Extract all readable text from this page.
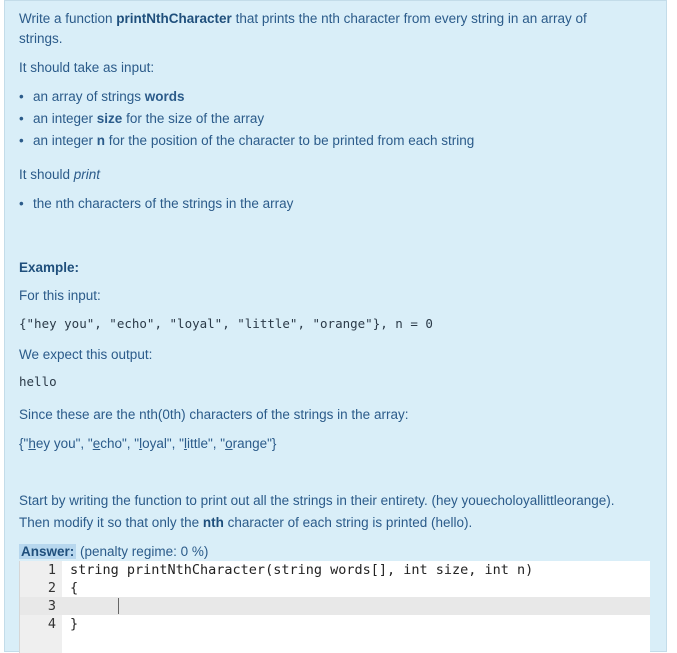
Write a function printNthCharacter that prints the nth character from every string in an array of
strings.
It should take as input:
• an array of strings words
• an integer size for the size of the array
• an integer n for the position of the character to be printed from each string
It should print
• the nth characters of the strings in the array
Example:
For this input:
{"hey you", "echo", "loyal", "little", "orange"}, n = 0
We expect this output:
hello
Since these are the nth(0th) characters of the strings in the array:
{"hey you", "echo", "loyal", "little", "orange"}
Start by writing the function to print out all the strings in their entirety. (hey youecholoyallittleorange).
Then modify it so that only the nth character of each string is printed (hello).
Answer: (penalty regime: 0 %)
1 string printNthCharacter(string words[], int size, int n)
2 {
3
4 }
